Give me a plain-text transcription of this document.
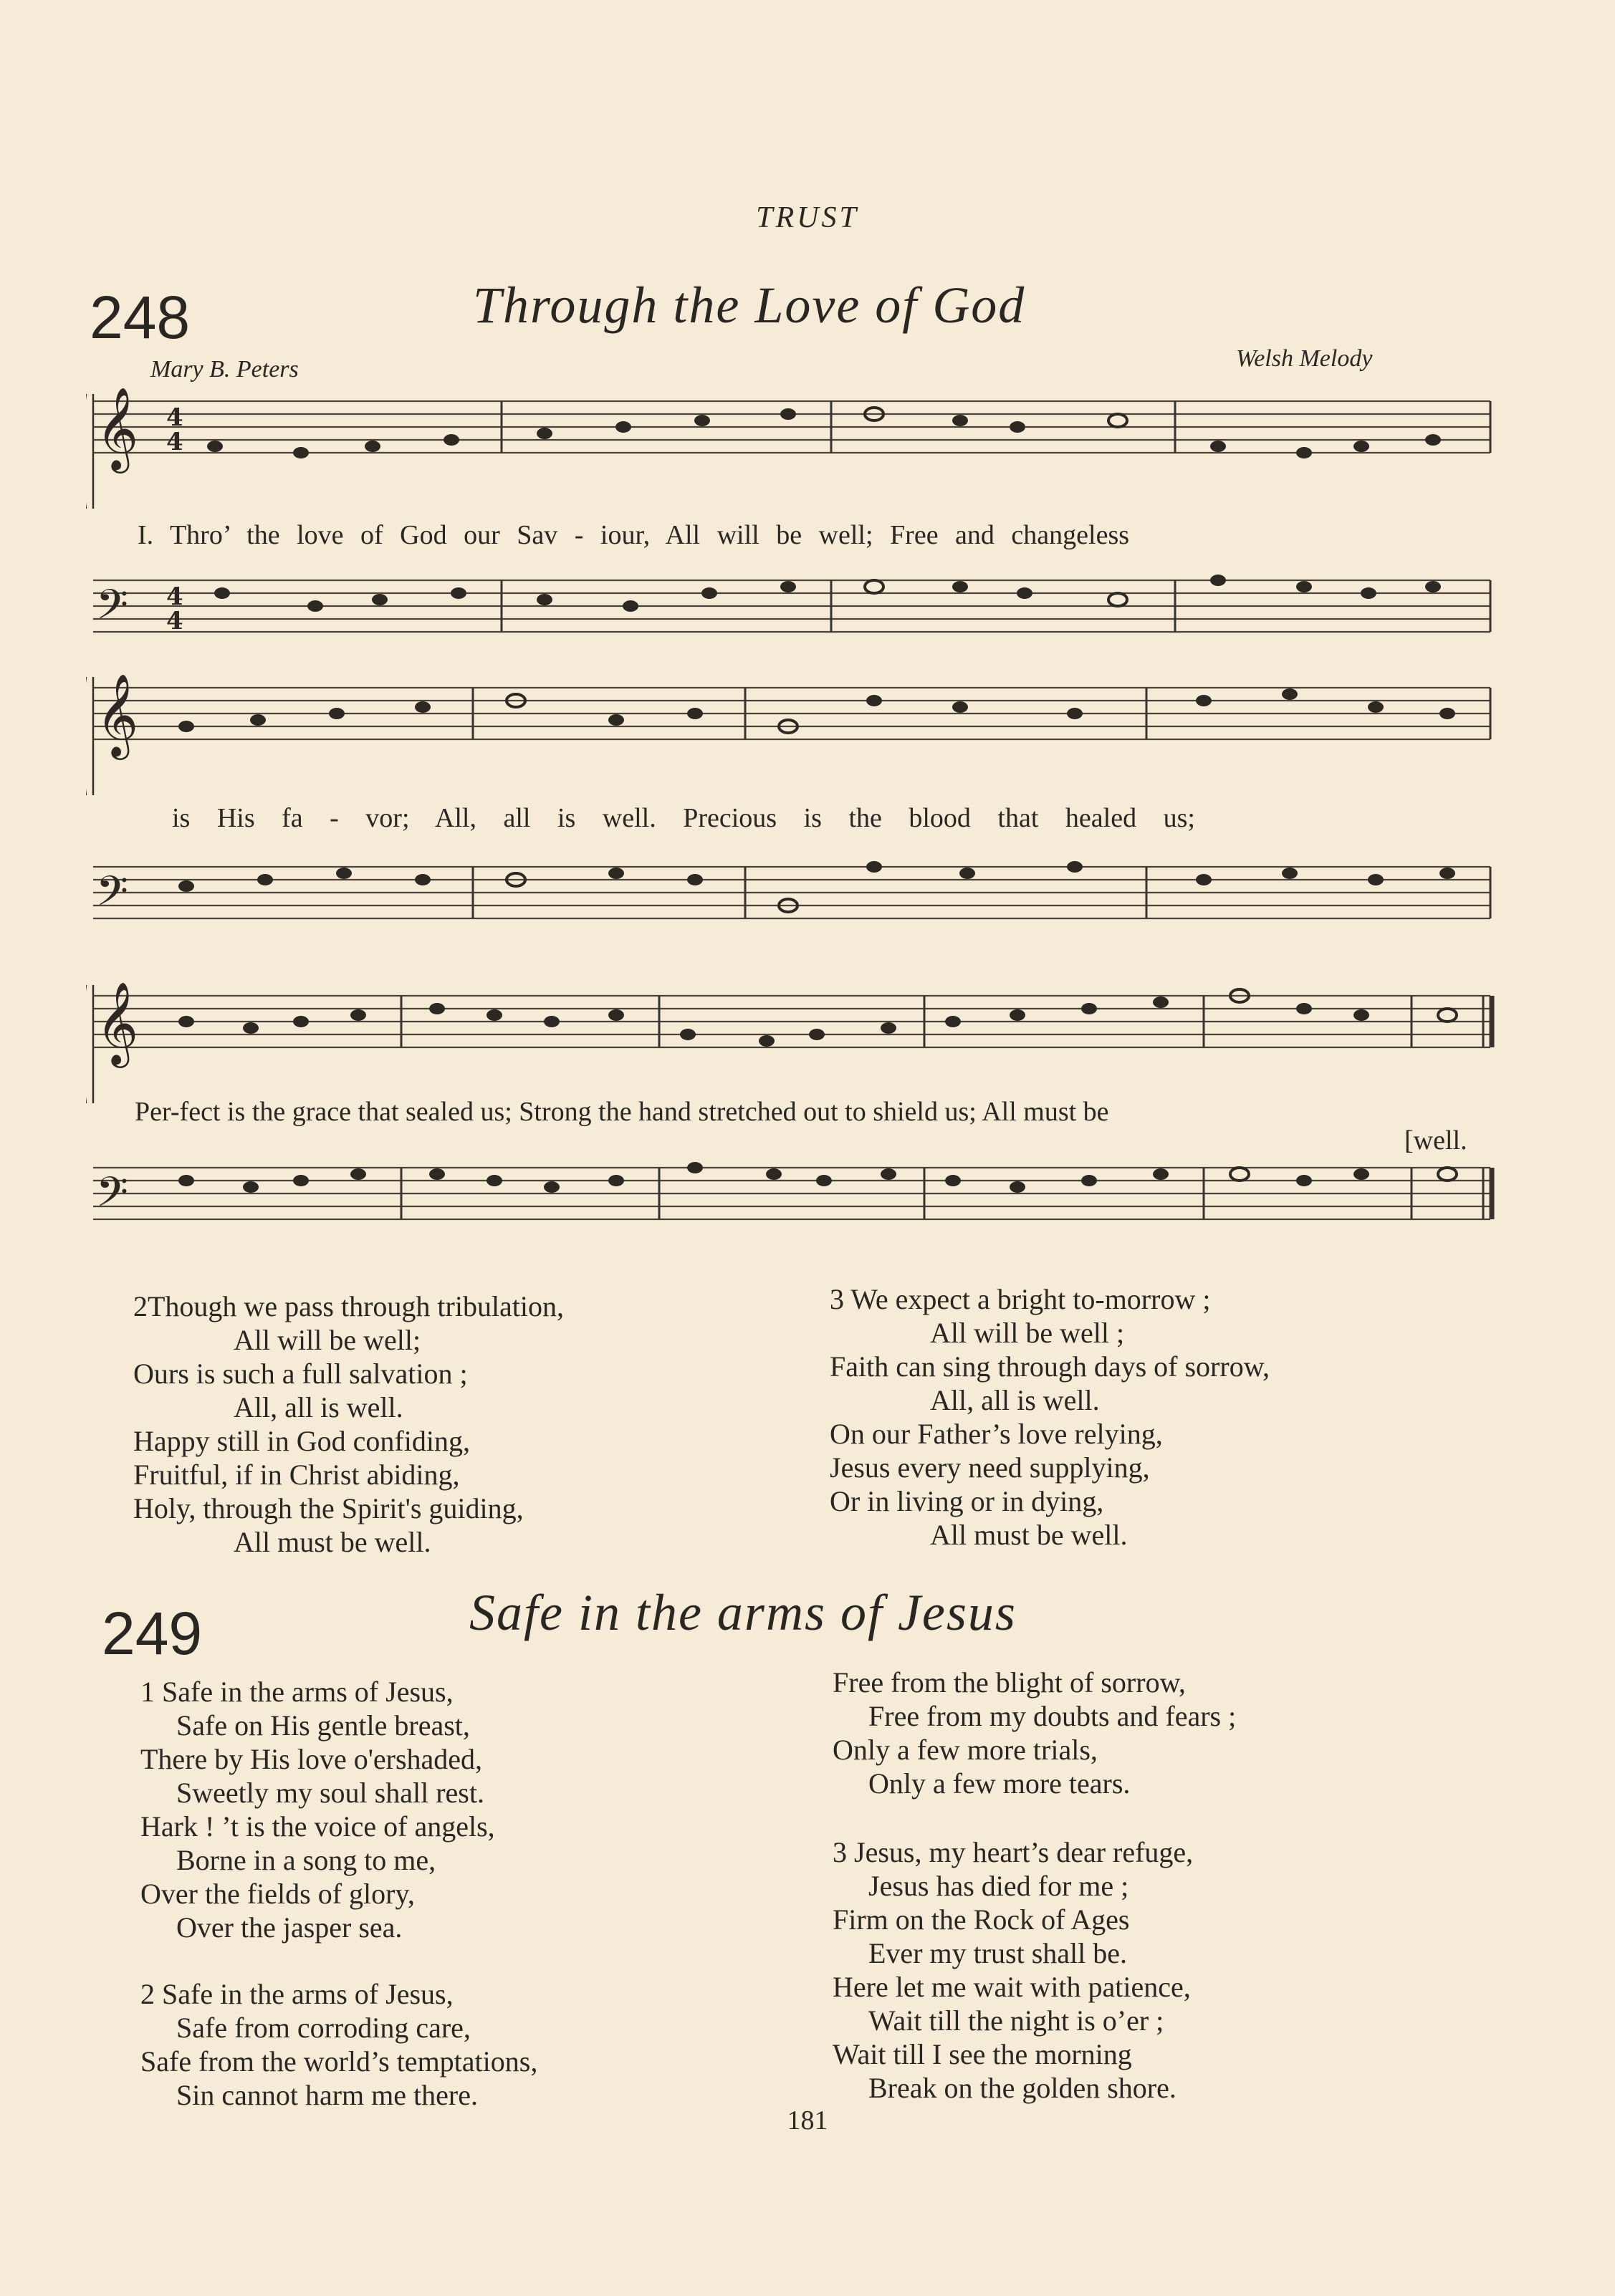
TRUST
248	Through the Love of God
Mary B. Peters	Welsh Melody
𝄞
𝄢
4
4
4
4
𝄞
𝄢
𝄞
𝄢
I. Thro’ the love of God our Sav - iour, All will be well; Free and changeless
is His fa - vor; All, all is well. Precious is the blood that healed us;
Per-fect is the grace that sealed us; Strong the hand stretched out to shield us; All must be
[well.
2Though we pass through tribulation,
All will be well;
Ours is such a full salvation ;
All, all is well.
Happy still in God confiding,
Fruitful, if in Christ abiding,
Holy, through the Spirit's guiding,
All must be well.
3 We expect a bright to-morrow ;
All will be well ;
Faith can sing through days of sorrow,
All, all is well.
On our Father’s love relying,
Jesus every need supplying,
Or in living or in dying,
All must be well.
249	Safe in the arms of Jesus
1 Safe in the arms of Jesus,
Safe on His gentle breast,
There by His love o'ershaded,
Sweetly my soul shall rest.
Hark ! ’t is the voice of angels,
Borne in a song to me,
Over the fields of glory,
Over the jasper sea.
2 Safe in the arms of Jesus,
Safe from corroding care,
Safe from the world’s temptations,
Sin cannot harm me there.
Free from the blight of sorrow,
Free from my doubts and fears ;
Only a few more trials,
Only a few more tears.
3 Jesus, my heart’s dear refuge,
Jesus has died for me ;
Firm on the Rock of Ages
Ever my trust shall be.
Here let me wait with patience,
Wait till the night is o’er ;
Wait till I see the morning
Break on the golden shore.
181
